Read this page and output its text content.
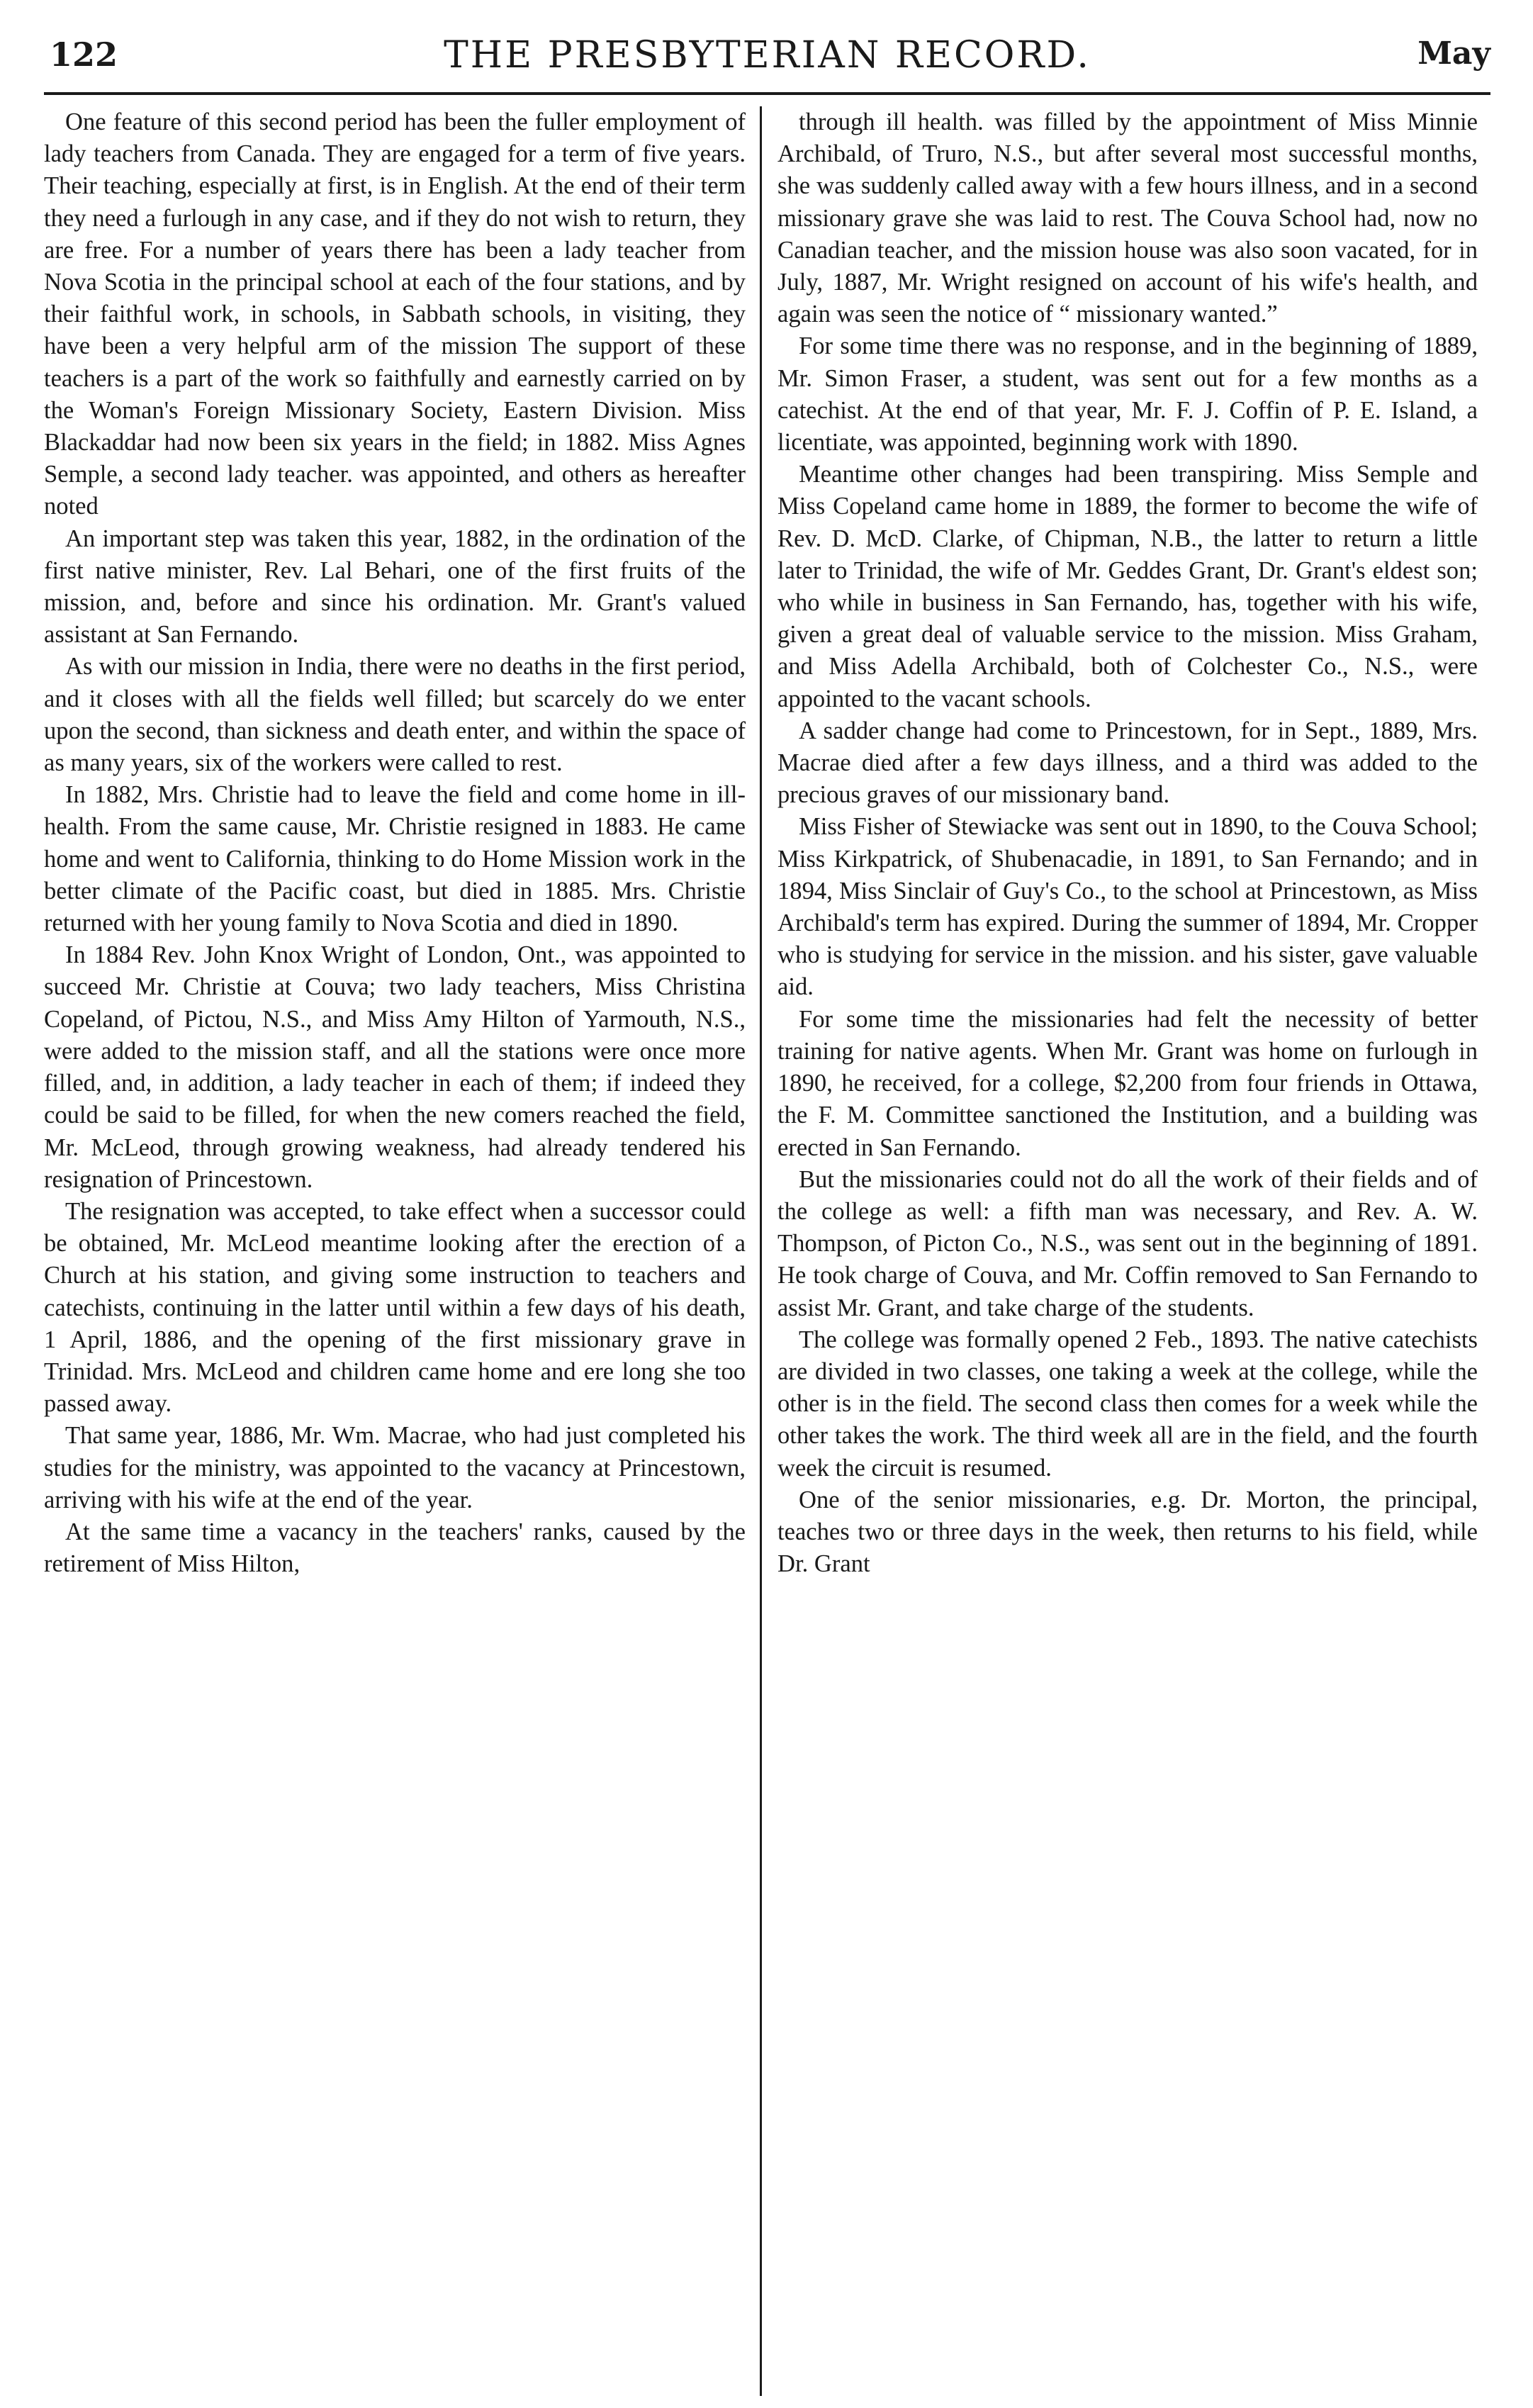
122	THE PRESBYTERIAN RECORD.	May

One feature of this second period has been the fuller employment of lady teachers from Canada. They are engaged for a term of five years. Their teaching, especially at first, is in English. At the end of their term they need a furlough in any case, and if they do not wish to return, they are free. For a number of years there has been a lady teacher from Nova Scotia in the principal school at each of the four stations, and by their faithful work, in schools, in Sabbath schools, in visiting, they have been a very helpful arm of the mission The support of these teachers is a part of the work so faithfully and earnestly carried on by the Woman's Foreign Missionary Society, Eastern Division. Miss Blackaddar had now been six years in the field; in 1882. Miss Agnes Semple, a second lady teacher. was appointed, and others as hereafter noted

An important step was taken this year, 1882, in the ordination of the first native minister, Rev. Lal Behari, one of the first fruits of the mission, and, before and since his ordination. Mr. Grant's valued assistant at San Fernando.

As with our mission in India, there were no deaths in the first period, and it closes with all the fields well filled; but scarcely do we enter upon the second, than sickness and death enter, and within the space of as many years, six of the workers were called to rest.

In 1882, Mrs. Christie had to leave the field and come home in ill-health. From the same cause, Mr. Christie resigned in 1883. He came home and went to California, thinking to do Home Mission work in the better climate of the Pacific coast, but died in 1885. Mrs. Christie returned with her young family to Nova Scotia and died in 1890.

In 1884 Rev. John Knox Wright of London, Ont., was appointed to succeed Mr. Christie at Couva; two lady teachers, Miss Christina Copeland, of Pictou, N.S., and Miss Amy Hilton of Yarmouth, N.S., were added to the mission staff, and all the stations were once more filled, and, in addition, a lady teacher in each of them; if indeed they could be said to be filled, for when the new comers reached the field, Mr. McLeod, through growing weakness, had already tendered his resignation of Princestown.

The resignation was accepted, to take effect when a successor could be obtained, Mr. McLeod meantime looking after the erection of a Church at his station, and giving some instruction to teachers and catechists, continuing in the latter until within a few days of his death, 1 April, 1886, and the opening of the first missionary grave in Trinidad. Mrs. McLeod and children came home and ere long she too passed away.

That same year, 1886, Mr. Wm. Macrae, who had just completed his studies for the ministry, was appointed to the vacancy at Princestown, arriving with his wife at the end of the year.

At the same time a vacancy in the teachers' ranks, caused by the retirement of Miss Hilton,

through ill health. was filled by the appointment of Miss Minnie Archibald, of Truro, N.S., but after several most successful months, she was suddenly called away with a few hours illness, and in a second missionary grave she was laid to rest. The Couva School had, now no Canadian teacher, and the mission house was also soon vacated, for in July, 1887, Mr. Wright resigned on account of his wife's health, and again was seen the notice of “ missionary wanted.”

For some time there was no response, and in the beginning of 1889, Mr. Simon Fraser, a student, was sent out for a few months as a catechist. At the end of that year, Mr. F. J. Coffin of P. E. Island, a licentiate, was appointed, beginning work with 1890.

Meantime other changes had been transpiring. Miss Semple and Miss Copeland came home in 1889, the former to become the wife of Rev. D. McD. Clarke, of Chipman, N.B., the latter to return a little later to Trinidad, the wife of Mr. Geddes Grant, Dr. Grant's eldest son; who while in business in San Fernando, has, together with his wife, given a great deal of valuable service to the mission. Miss Graham, and Miss Adella Archibald, both of Colchester Co., N.S., were appointed to the vacant schools.

A sadder change had come to Princestown, for in Sept., 1889, Mrs. Macrae died after a few days illness, and a third was added to the precious graves of our missionary band.

Miss Fisher of Stewiacke was sent out in 1890, to the Couva School; Miss Kirkpatrick, of Shubenacadie, in 1891, to San Fernando; and in 1894, Miss Sinclair of Guy's Co., to the school at Princestown, as Miss Archibald's term has expired. During the summer of 1894, Mr. Cropper who is studying for service in the mission. and his sister, gave valuable aid.

For some time the missionaries had felt the necessity of better training for native agents. When Mr. Grant was home on furlough in 1890, he received, for a college, $2,200 from four friends in Ottawa, the F. M. Committee sanctioned the Institution, and a building was erected in San Fernando.

But the missionaries could not do all the work of their fields and of the college as well: a fifth man was necessary, and Rev. A. W. Thompson, of Picton Co., N.S., was sent out in the beginning of 1891. He took charge of Couva, and Mr. Coffin removed to San Fernando to assist Mr. Grant, and take charge of the students.

The college was formally opened 2 Feb., 1893. The native catechists are divided in two classes, one taking a week at the college, while the other is in the field. The second class then comes for a week while the other takes the work. The third week all are in the field, and the fourth week the circuit is resumed.

One of the senior missionaries, e.g. Dr. Morton, the principal, teaches two or three days in the week, then returns to his field, while Dr. Grant
